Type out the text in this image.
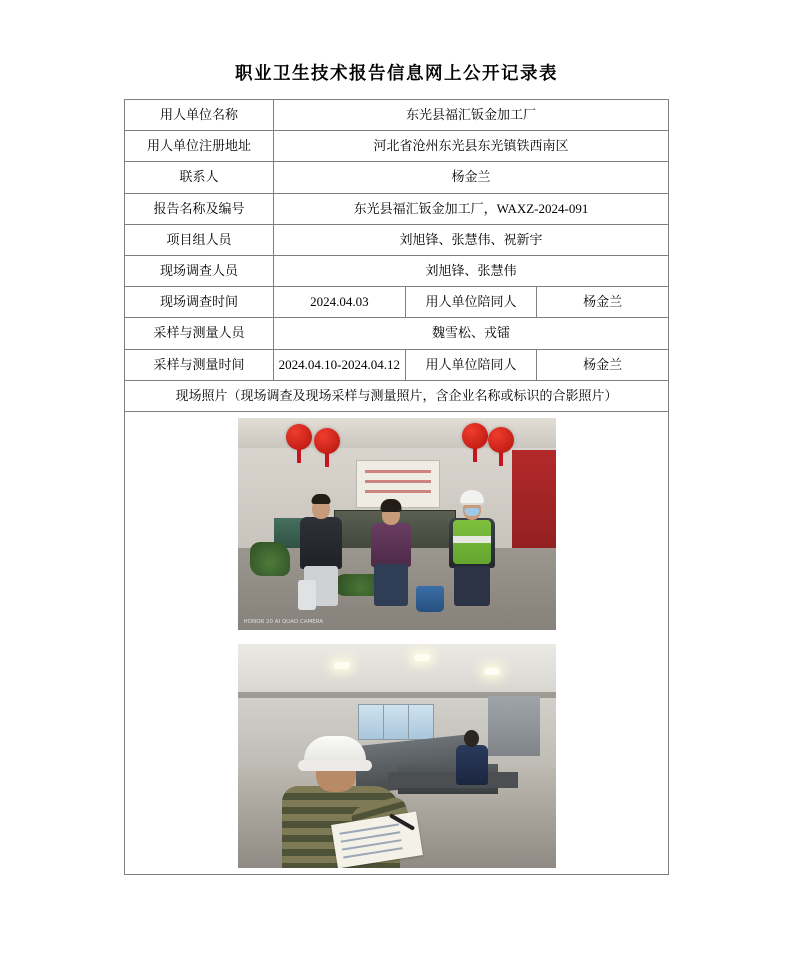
职业卫生技术报告信息网上公开记录表
用人单位名称	东光县福汇钣金加工厂		
用人单位注册地址	河北省沧州东光县东光镇铁西南区		
联系人	杨金兰		
报告名称及编号	东光县福汇钣金加工厂，WAXZ-2024-091		
项目组人员	刘旭锋、张慧伟、祝新宇		
现场调查人员	刘旭锋、张慧伟		
现场调查时间	2024.04.03	用人单位陪同人	杨金兰
采样与测量人员	魏雪松、戎镭		
采样与测量时间	2024.04.10-2024.04.12	用人单位陪同人	杨金兰
现场照片（现场调查及现场采样与测量照片，含企业名称或标识的合影照片）			

HONOR 20 AI QUAD CAMERA			
